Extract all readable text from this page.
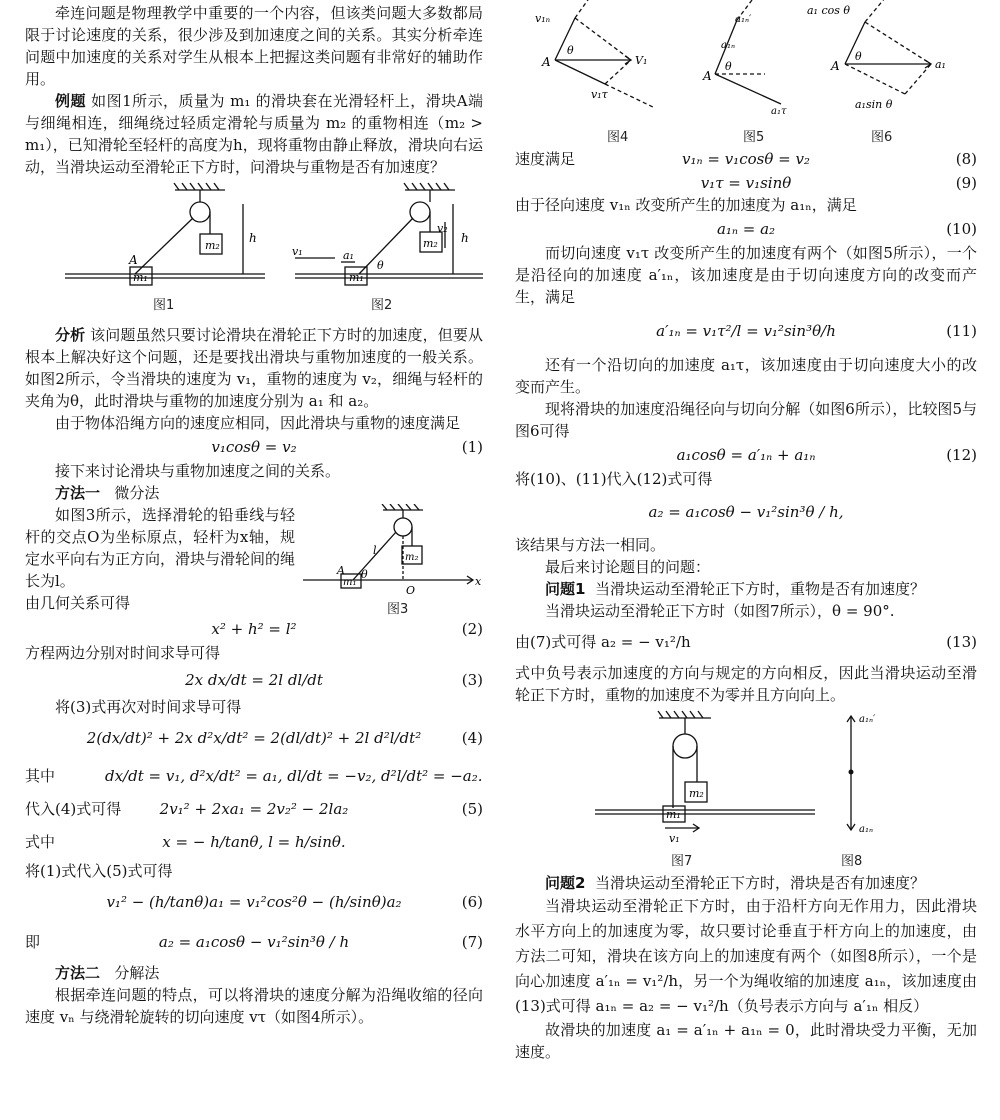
牵连问题是物理教学中重要的一个内容，但该类问题大多数都局限于讨论速度的关系，很少涉及到加速度之间的关系。其实分析牵连问题中加速度的关系对学生从根本上把握这类问题有非常好的辅助作用。

例题 如图1所示，质量为 m₁ 的滑块套在光滑轻杆上，滑块A端与细绳相连，细绳绕过轻质定滑轮与质量为 m₂ 的重物相连（m₂ > m₁），已知滑轮至轻杆的高度为h，现将重物由静止释放，滑块向右运动，当滑块运动至滑轮正下方时，问滑块与重物是否有加速度？

m₂
m₁
A
h
v₁	a₁
m₂
m₁
θ
v₂
h
图1	图2

分析 该问题虽然只要讨论滑块在滑轮正下方时的加速度，但要从根本上解决好这个问题，还是要找出滑块与重物加速度的一般关系。如图2所示，令当滑块的速度为 v₁，重物的速度为 v₂，细绳与轻杆的夹角为θ，此时滑块与重物的加速度分别为 a₁ 和 a₂。

由于物体沿绳方向的速度应相同，因此滑块与重物的速度满足

v₁cosθ = v₂	(1)

接下来讨论滑块与重物加速度之间的关系。

方法一 微分法

如图3所示，选择滑轮的铅垂线与轻杆的交点O为坐标原点，轻杆为x轴，规定水平向右为正方向，滑块与滑轮间的绳长为l。

由几何关系可得

m₂
m₁
A θ
l
O
x
图3
x² + h² = l²	(2)

方程两边分别对时间求导可得

2x dx/dt = 2l dl/dt	(3)

将(3)式再次对时间求导可得

2(dx/dt)² + 2x d²x/dt² = 2(dl/dt)² + 2l d²l/dt²	(4)
其中	dx/dt = v₁, d²x/dt² = a₁, dl/dt = −v₂, d²l/dt² = −a₂.
代入(4)式可得	2v₁² + 2xa₁ = 2v₂² − 2la₂	(5)
式中	x = − h/tanθ, l = h/sinθ.

将(1)式代入(5)式可得

v₁² − (h/tanθ)a₁ = v₁²cos²θ − (h/sinθ)a₂	(6)
即	a₂ = a₁cosθ − v₁²sin³θ / h	(7)

方法二 分解法

根据牵连问题的特点，可以将滑块的速度分解为沿绳收缩的径向速度 vₙ 与绕滑轮旋转的切向速度 vτ（如图4所示）。

v₁ₙ
A
θ
V₁
v₁τ
a₁ₙ′
a₁ₙ
A
θ
a₁τ
a₁ cos θ
A
θ
a₁
a₁sin θ
图4	图5	图6
速度满足	v₁ₙ = v₁cosθ = v₂	(8)
v₁τ = v₁sinθ	(9)

由于径向速度 v₁ₙ 改变所产生的加速度为 a₁ₙ，满足

a₁ₙ = a₂	(10)

而切向速度 v₁τ 改变所产生的加速度有两个（如图5所示），一个是沿径向的加速度 a′₁ₙ，该加速度是由于切向速度方向的改变而产生，满足

a′₁ₙ = v₁τ²/l = v₁²sin³θ/h	(11)

还有一个沿切向的加速度 a₁τ，该加速度由于切向速度大小的改变而产生。

现将滑块的加速度沿绳径向与切向分解（如图6所示），比较图5与图6可得

a₁cosθ = a′₁ₙ + a₁ₙ	(12)

将(10)、(11)代入(12)式可得

a₂ = a₁cosθ − v₁²sin³θ / h,

该结果与方法一相同。

最后来讨论题目的问题：

问题1 当滑块运动至滑轮正下方时，重物是否有加速度？

当滑块运动至滑轮正下方时（如图7所示），θ = 90°.

由(7)式可得 a₂ = − v₁²/h	(13)

式中负号表示加速度的方向与规定的方向相反，因此当滑块运动至滑轮正下方时，重物的加速度不为零并且方向向上。

m₂
m₁
v₁
a₁ₙ′
a₁ₙ
图7	图8

问题2 当滑块运动至滑轮正下方时，滑块是否有加速度？

当滑块运动至滑轮正下方时，由于沿杆方向无作用力，因此滑块水平方向上的加速度为零，故只要讨论垂直于杆方向上的加速度，由方法二可知，滑块在该方向上的加速度有两个（如图8所示），一个是向心加速度 a′₁ₙ = v₁²/h，另一个为绳收缩的加速度 a₁ₙ，该加速度由(13)式可得 a₁ₙ = a₂ = − v₁²/h（负号表示方向与 a′₁ₙ 相反）

故滑块的加速度 a₁ = a′₁ₙ + a₁ₙ = 0，此时滑块受力平衡，无加速度。
